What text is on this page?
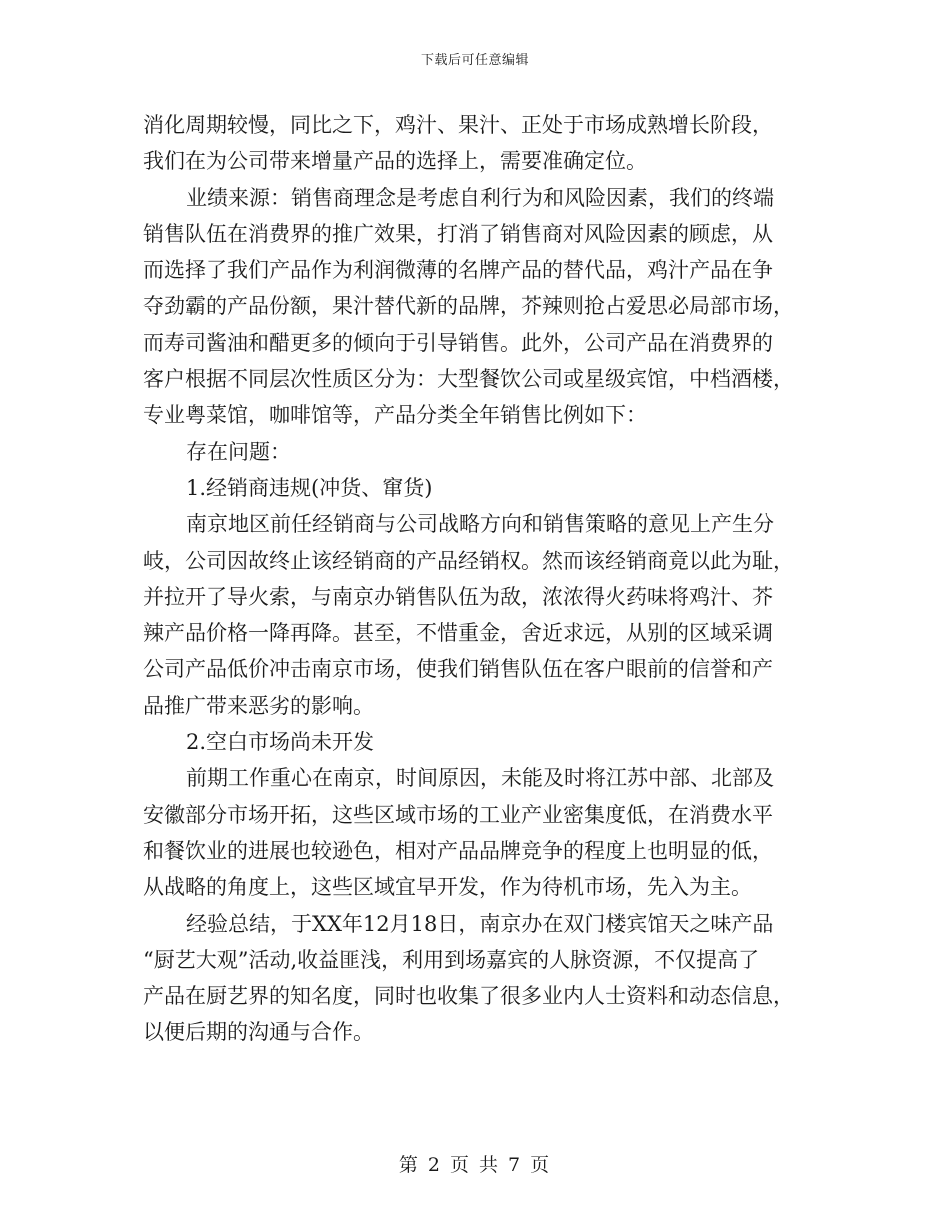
下载后可任意编辑
消化周期较慢，同比之下，鸡汁、果汁、正处于市场成熟增长阶段，
我们在为公司带来增量产品的选择上，需要准确定位。
业绩来源：销售商理念是考虑自利行为和风险因素，我们的终端
销售队伍在消费界的推广效果，打消了销售商对风险因素的顾虑，从
而选择了我们产品作为利润微薄的名牌产品的替代品，鸡汁产品在争
夺劲霸的产品份额，果汁替代新的品牌，芥辣则抢占爱思必局部市场，
而寿司酱油和醋更多的倾向于引导销售。此外，公司产品在消费界的
客户根据不同层次性质区分为：大型餐饮公司或星级宾馆，中档酒楼，
专业粤菜馆，咖啡馆等，产品分类全年销售比例如下：
存在问题：
1.经销商违规(冲货、窜货)
南京地区前任经销商与公司战略方向和销售策略的意见上产生分
岐，公司因故终止该经销商的产品经销权。然而该经销商竟以此为耻，
并拉开了导火索，与南京办销售队伍为敌，浓浓得火药味将鸡汁、芥
辣产品价格一降再降。甚至，不惜重金，舍近求远，从别的区域采调
公司产品低价冲击南京市场，使我们销售队伍在客户眼前的信誉和产
品推广带来恶劣的影响。
2.空白市场尚未开发
前期工作重心在南京，时间原因，未能及时将江苏中部、北部及
安徽部分市场开拓，这些区域市场的工业产业密集度低，在消费水平
和餐饮业的进展也较逊色，相对产品品牌竞争的程度上也明显的低，
从战略的角度上，这些区域宜早开发，作为待机市场，先入为主。
经验总结，于XX年12月18日，南京办在双门楼宾馆天之味产品
“厨艺大观”活动,收益匪浅，利用到场嘉宾的人脉资源，不仅提高了
产品在厨艺界的知名度，同时也收集了很多业内人士资料和动态信息，
以便后期的沟通与合作。
第 2 页 共 7 页
